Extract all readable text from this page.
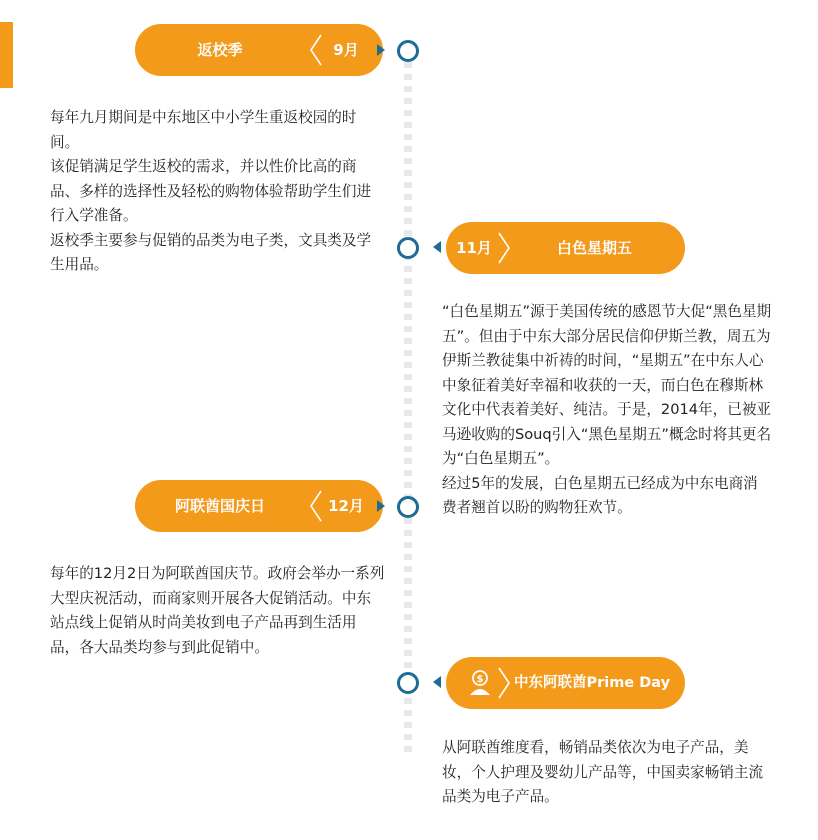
返校季	9月

每年九月期间是中东地区中小学生重返校园的时间。

该促销满足学生返校的需求，并以性价比高的商品、多样的选择性及轻松的购物体验帮助学生们进行入学准备。

返校季主要参与促销的品类为电子类，文具类及学生用品。

11月	白色星期五

“白色星期五”源于美国传统的感恩节大促“黑色星期五”。但由于中东大部分居民信仰伊斯兰教，周五为伊斯兰教徒集中祈祷的时间，“星期五”在中东人心中象征着美好幸福和收获的一天，而白色在穆斯林文化中代表着美好、纯洁。于是，2014年，已被亚马逊收购的Souq引入“黑色星期五”概念时将其更名为“白色星期五”。

经过5年的发展，白色星期五已经成为中东电商消费者翘首以盼的购物狂欢节。

阿联酋国庆日	12月

每年的12月2日为阿联酋国庆节。政府会举办一系列大型庆祝活动，而商家则开展各大促销活动。中东站点线上促销从时尚美妆到电子产品再到生活用品，各大品类均参与到此促销中。

$	中东阿联酋Prime Day

从阿联酋维度看，畅销品类依次为电子产品，美妆，个人护理及婴幼儿产品等，中国卖家畅销主流品类为电子产品。
